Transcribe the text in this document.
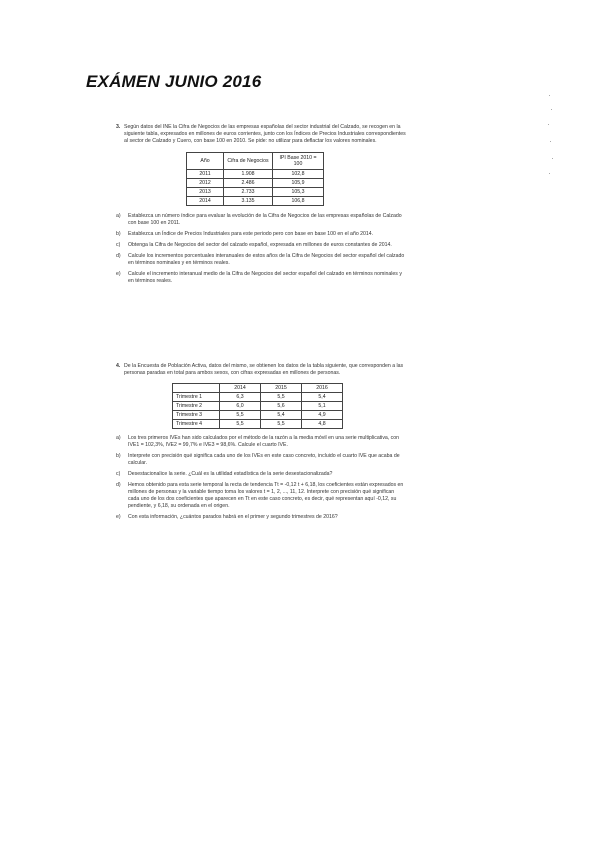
EXÁMEN JUNIO 2016
3. Según datos del INE la Cifra de Negocios de las empresas españolas del sector industrial del Calzado, se recogen en la siguiente tabla, expresados en millones de euros corrientes, junto con los Índices de Precios Industriales correspondientes al sector de Calzado y Cuero, con base 100 en 2010. Se pide: no utilizar para deflactar los valores nominales.
Año	Cifra de Negocios	IPI Base 2010 = 100
2011	1.908	102,8
2012	2.486	105,9
2013	2.733	105,3
2014	3.135	106,8
a) Establezca un número índice para evaluar la evolución de la Cifra de Negocios de las empresas españolas de Calzado con base 100 en 2011.
b) Establezca un Índice de Precios Industriales para este periodo pero con base en base 100 en el año 2014.
c) Obtenga la Cifra de Negocios del sector del calzado español, expresada en millones de euros constantes de 2014.
d) Calcule los incrementos porcentuales interanuales de estos años de la Cifra de Negocios del sector español del calzado en términos nominales y en términos reales.
e) Calcule el incremento interanual medio de la Cifra de Negocios del sector español del calzado en términos nominales y en términos reales.
4. De la Encuesta de Población Activa, datos del mismo, se obtienen los datos de la tabla siguiente, que corresponden a las personas paradas en total para ambos sexos, con cifras expresadas en millones de personas.
	2014	2015	2016
Trimestre 1	6,3	5,5	5,4
Trimestre 2	6,0	5,6	5,1
Trimestre 3	5,5	5,4	4,9
Trimestre 4	5,5	5,5	4,8
a) Los tres primeros IVEs han sido calculados por el método de la razón a la media móvil en una serie multiplicativa, con IVE1 = 102,3%, IVE2 = 99,7% e IVE3 = 98,6%. Calcule el cuarto IVE.
b) Interprete con precisión qué significa cada uno de los IVEs en este caso concreto, incluido el cuarto IVE que acaba de calcular.
c) Desestacionalice la serie. ¿Cuál es la utilidad estadística de la serie desestacionalizada?
d) Hemos obtenido para esta serie temporal la recta de tendencia Tt = -0,12 t + 6,18, los coeficientes están expresados en millones de personas y la variable tiempo toma los valores t = 1, 2, ..., 11, 12. Interprete con precisión qué significan cada uno de los dos coeficientes que aparecen en Tt en este caso concreto, es decir, qué representan aquí -0,12, su pendiente, y 6,18, su ordenada en el origen.
e) Con esta información, ¿cuántos parados habrá en el primer y segundo trimestres de 2016?
